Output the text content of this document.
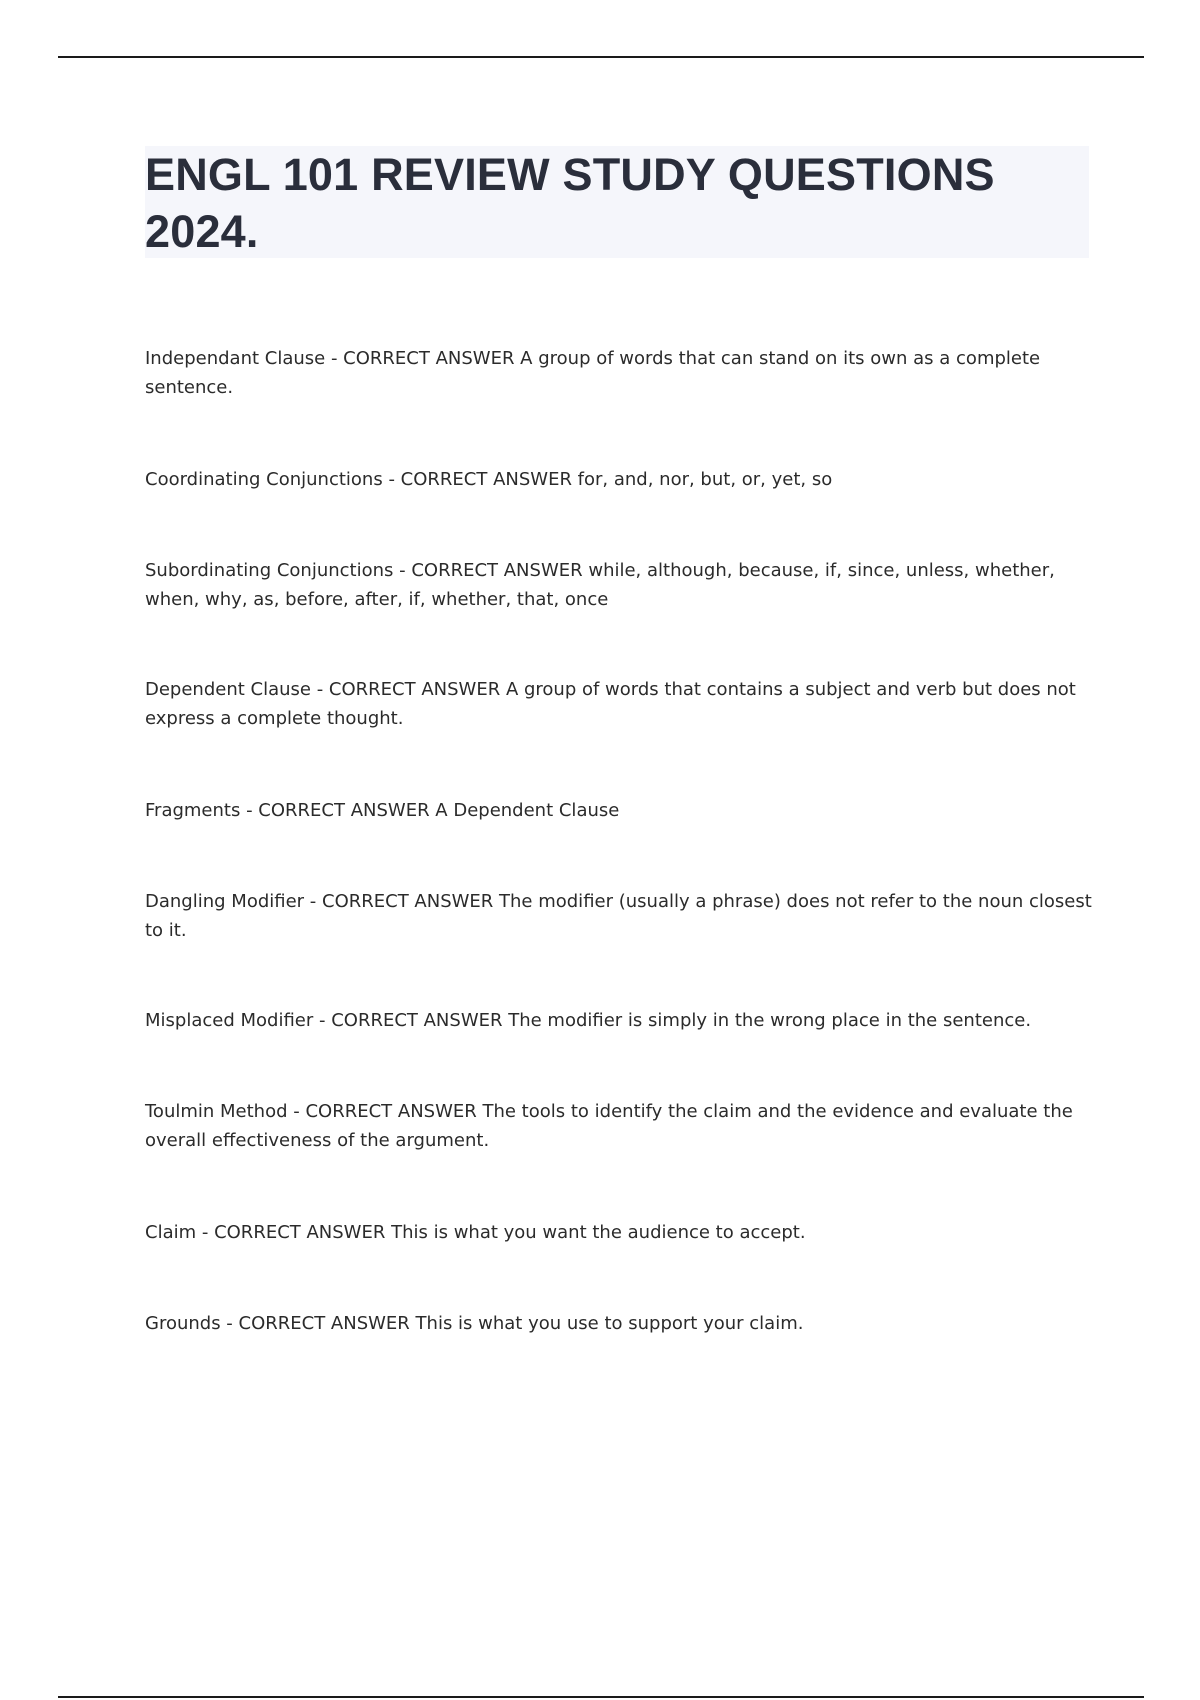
ENGL 101 REVIEW STUDY QUESTIONS 2024.
Independant Clause - CORRECT ANSWER A group of words that can stand on its own as a complete sentence.
Coordinating Conjunctions - CORRECT ANSWER for, and, nor, but, or, yet, so
Subordinating Conjunctions - CORRECT ANSWER while, although, because, if, since, unless, whether, when, why, as, before, after, if, whether, that, once
Dependent Clause - CORRECT ANSWER A group of words that contains a subject and verb but does not express a complete thought.
Fragments - CORRECT ANSWER A Dependent Clause
Dangling Modifier - CORRECT ANSWER The modifier (usually a phrase) does not refer to the noun closest to it.
Misplaced Modifier - CORRECT ANSWER The modifier is simply in the wrong place in the sentence.
Toulmin Method - CORRECT ANSWER The tools to identify the claim and the evidence and evaluate the overall effectiveness of the argument.
Claim - CORRECT ANSWER This is what you want the audience to accept.
Grounds - CORRECT ANSWER This is what you use to support your claim.
